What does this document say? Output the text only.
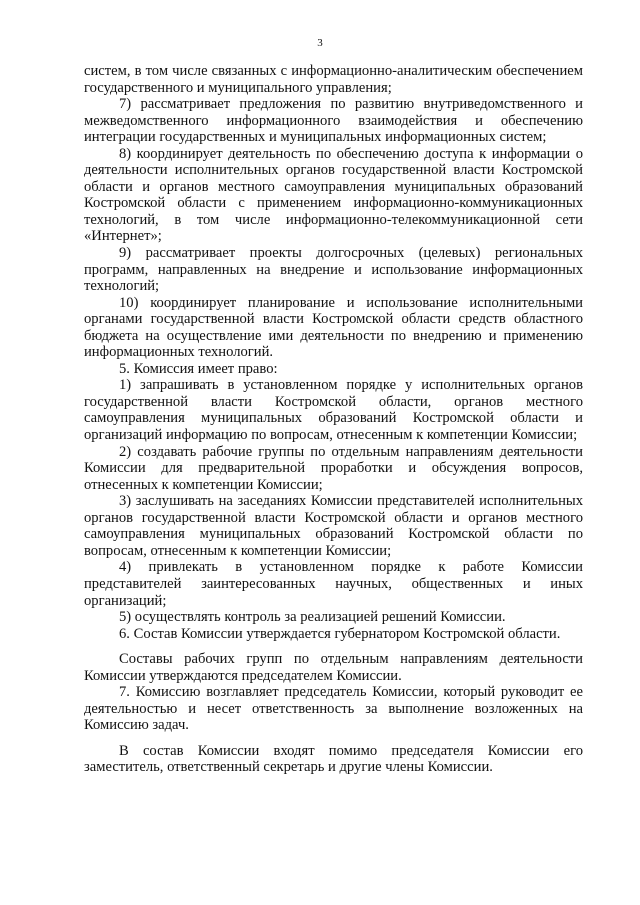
3

систем, в том числе связанных с информационно-аналитическим обеспечением государственного и муниципального управления;

7) рассматривает предложения по развитию внутриведомственного и межведомственного информационного взаимодействия и обеспечению интеграции государственных и муниципальных информационных систем;

8) координирует деятельность по обеспечению доступа к информации о деятельности исполнительных органов государственной власти Костромской области и органов местного самоуправления муниципальных образований Костромской области с применением информационно-коммуникационных технологий, в том числе информационно-телекоммуникационной сети «Интернет»;

9) рассматривает проекты долгосрочных (целевых) региональных программ, направленных на внедрение и использование информационных технологий;

10) координирует планирование и использование исполнительными органами государственной власти Костромской области средств областного бюджета на осуществление ими деятельности по внедрению и применению информационных технологий.

5. Комиссия имеет право:

1) запрашивать в установленном порядке у исполнительных органов государственной власти Костромской области, органов местного самоуправления муниципальных образований Костромской области и организаций информацию по вопросам, отнесенным к компетенции Комиссии;

2) создавать рабочие группы по отдельным направлениям деятельности Комиссии для предварительной проработки и обсуждения вопросов, отнесенных к компетенции Комиссии;

3) заслушивать на заседаниях Комиссии представителей исполнительных органов государственной власти Костромской области и органов местного самоуправления муниципальных образований Костромской области по вопросам, отнесенным к компетенции Комиссии;

4) привлекать в установленном порядке к работе Комиссии представителей заинтересованных научных, общественных и иных организаций;

5) осуществлять контроль за реализацией решений Комиссии.

6. Состав Комиссии утверждается губернатором Костромской области.

Составы рабочих групп по отдельным направлениям деятельности Комиссии утверждаются председателем Комиссии.

7. Комиссию возглавляет председатель Комиссии, который руководит ее деятельностью и несет ответственность за выполнение возложенных на Комиссию задач.

В состав Комиссии входят помимо председателя Комиссии его заместитель, ответственный секретарь и другие члены Комиссии.
